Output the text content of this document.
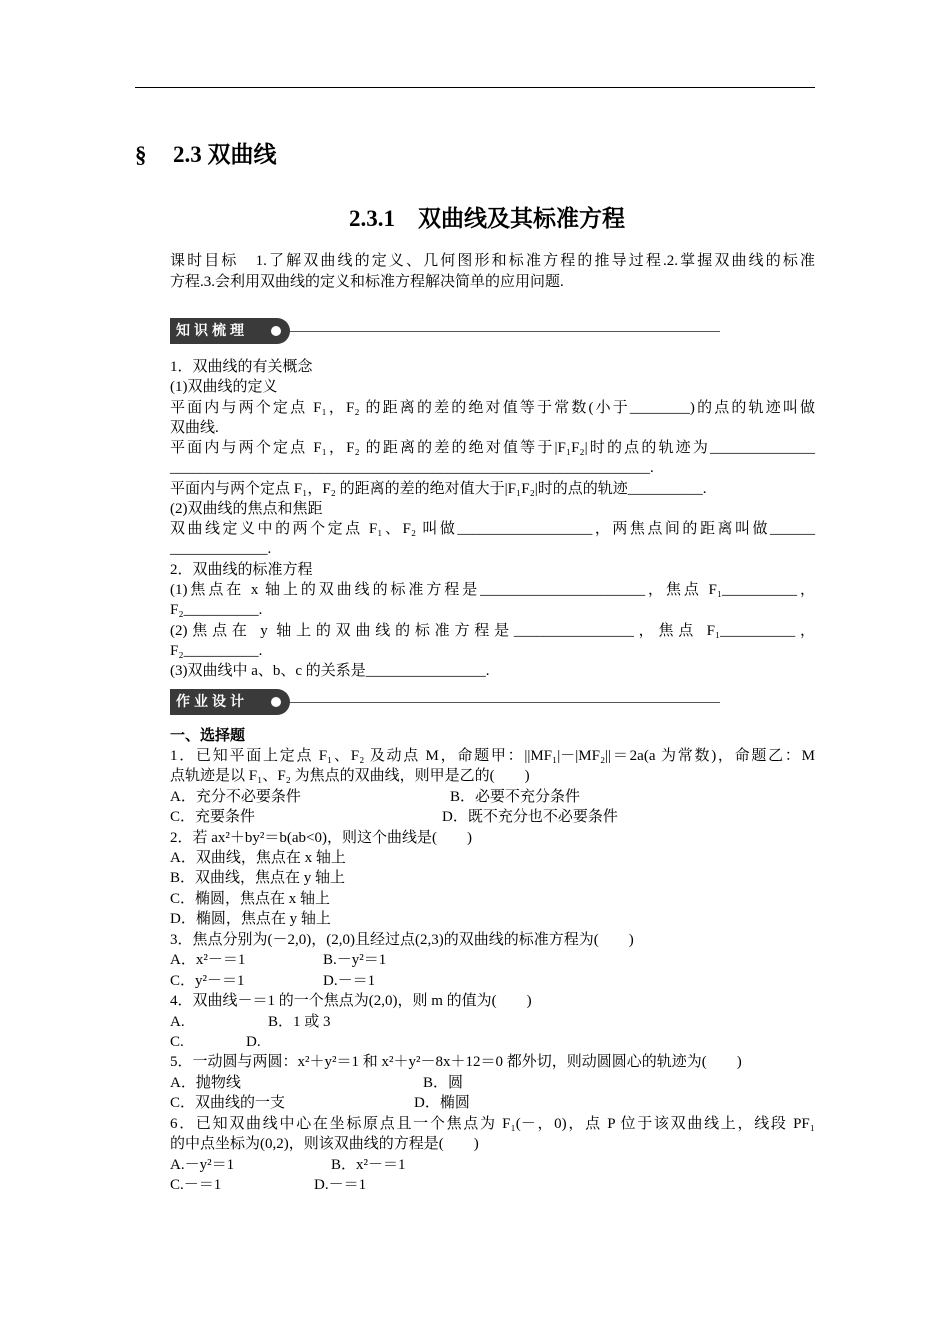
§ 2.3 双曲线
2.3.1　双曲线及其标准方程
课时目标　1.了解双曲线的定义、几何图形和标准方程的推导过程.2.掌握双曲线的标准
方程.3.会利用双曲线的定义和标准方程解决简单的应用问题.
知识梳理
1．双曲线的有关概念
(1)双曲线的定义
平面内与两个定点 F₁，F₂ 的距离的差的绝对值等于常数(小于________)的点的轨迹叫做
双曲线.
平面内与两个定点 F₁，F₂ 的距离的差的绝对值等于|F₁F₂|时的点的轨迹为______________
________________________________________________________________.
平面内与两个定点 F₁，F₂ 的距离的差的绝对值大于|F₁F₂|时的点的轨迹__________.
(2)双曲线的焦点和焦距
双曲线定义中的两个定点 F₁、F₂ 叫做__________________，两焦点间的距离叫做______
_____________.
2．双曲线的标准方程
(1)焦点在 x 轴上的双曲线的标准方程是______________________，焦点 F₁__________，
F₂__________.
(2)焦点在 y 轴上的双曲线的标准方程是________________，焦点 F₁__________，
F₂__________.
(3)双曲线中 a、b、c 的关系是________________.
作业设计
一、选择题
1．已知平面上定点 F₁、F₂ 及动点 M，命题甲：||MF₁|－|MF₂||＝2a(a 为常数)，命题乙：M
点轨迹是以 F₁、F₂ 为焦点的双曲线，则甲是乙的(　　)
A．充分不必要条件	B．必要不充分条件
C．充要条件	D．既不充分也不必要条件
2．若 ax²＋by²＝b(ab<0)，则这个曲线是(　　)
A．双曲线，焦点在 x 轴上
B．双曲线，焦点在 y 轴上
C．椭圆，焦点在 x 轴上
D．椭圆，焦点在 y 轴上
3．焦点分别为(－2,0)，(2,0)且经过点(2,3)的双曲线的标准方程为(　　)
A．x²－＝1	B.－y²＝1
C．y²－＝1	D.－＝1
4．双曲线－＝1 的一个焦点为(2,0)，则 m 的值为(　　)
A.	B．1 或 3
C.	D.
5．一动圆与两圆：x²＋y²＝1 和 x²＋y²－8x＋12＝0 都外切，则动圆圆心的轨迹为(　　)
A．抛物线	B．圆
C．双曲线的一支	D．椭圆
6．已知双曲线中心在坐标原点且一个焦点为 F₁(－，0)，点 P 位于该双曲线上，线段 PF₁
的中点坐标为(0,2)，则该双曲线的方程是(　　)
A.－y²＝1	B．x²－＝1
C.－＝1	D.－＝1
